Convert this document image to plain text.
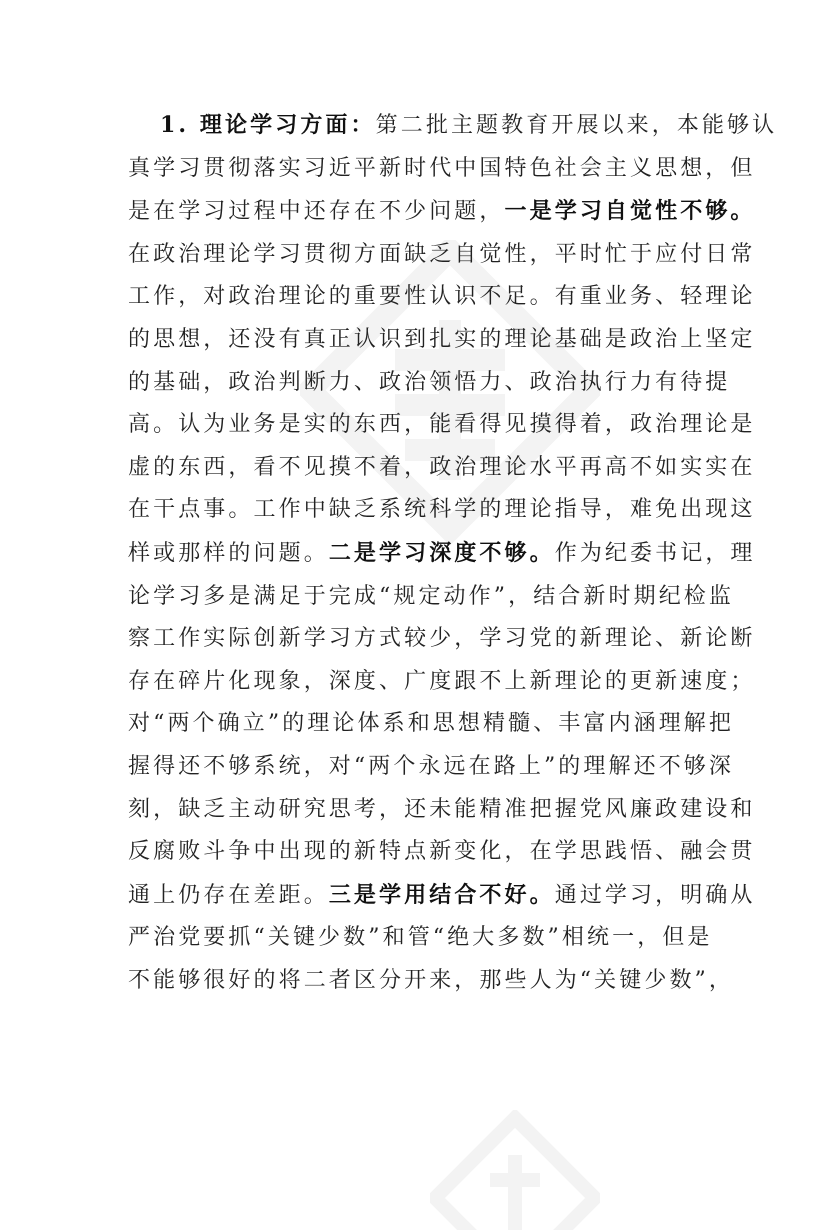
1. 理论学习方面：第二批主题教育开展以来，本能够认
真学习贯彻落实习近平新时代中国特色社会主义思想，但
是在学习过程中还存在不少问题，一是学习自觉性不够。
在政治理论学习贯彻方面缺乏自觉性，平时忙于应付日常
工作，对政治理论的重要性认识不足。有重业务、轻理论
的思想，还没有真正认识到扎实的理论基础是政治上坚定
的基础，政治判断力、政治领悟力、政治执行力有待提
高。认为业务是实的东西，能看得见摸得着，政治理论是
虚的东西，看不见摸不着，政治理论水平再高不如实实在
在干点事。工作中缺乏系统科学的理论指导，难免出现这
样或那样的问题。二是学习深度不够。作为纪委书记，理
论学习多是满足于完成“规定动作”，结合新时期纪检监
察工作实际创新学习方式较少，学习党的新理论、新论断
存在碎片化现象，深度、广度跟不上新理论的更新速度；
对“两个确立”的理论体系和思想精髓、丰富内涵理解把
握得还不够系统，对“两个永远在路上”的理解还不够深
刻，缺乏主动研究思考，还未能精准把握党风廉政建设和
反腐败斗争中出现的新特点新变化，在学思践悟、融会贯
通上仍存在差距。三是学用结合不好。通过学习，明确从
严治党要抓“关键少数”和管“绝大多数”相统一，但是
不能够很好的将二者区分开来，那些人为“关键少数”，
